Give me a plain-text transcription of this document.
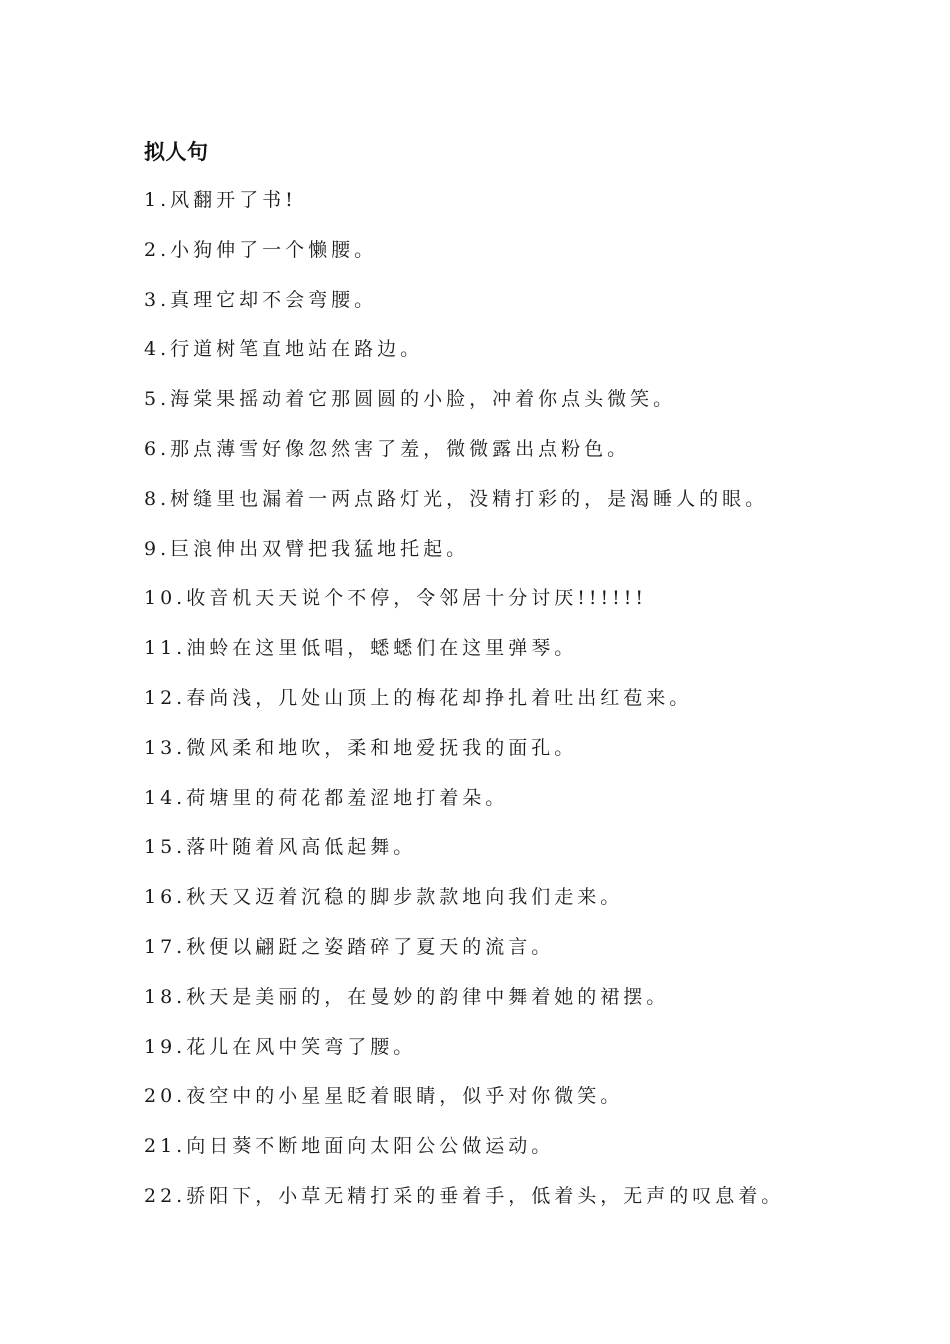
拟人句
1.风翻开了书!
2.小狗伸了一个懒腰。
3.真理它却不会弯腰。
4.行道树笔直地站在路边。
5.海棠果摇动着它那圆圆的小脸，冲着你点头微笑。
6.那点薄雪好像忽然害了羞，微微露出点粉色。
8.树缝里也漏着一两点路灯光，没精打彩的，是渴睡人的眼。
9.巨浪伸出双臂把我猛地托起。
10.收音机天天说个不停，令邻居十分讨厌!!!!!!
11.油蛉在这里低唱，蟋蟋们在这里弹琴。
12.春尚浅，几处山顶上的梅花却挣扎着吐出红苞来。
13.微风柔和地吹，柔和地爱抚我的面孔。
14.荷塘里的荷花都羞涩地打着朵。
15.落叶随着风高低起舞。
16.秋天又迈着沉稳的脚步款款地向我们走来。
17.秋便以翩跹之姿踏碎了夏天的流言。
18.秋天是美丽的，在曼妙的韵律中舞着她的裙摆。
19.花儿在风中笑弯了腰。
20.夜空中的小星星眨着眼睛，似乎对你微笑。
21.向日葵不断地面向太阳公公做运动。
22.骄阳下，小草无精打采的垂着手，低着头，无声的叹息着。
